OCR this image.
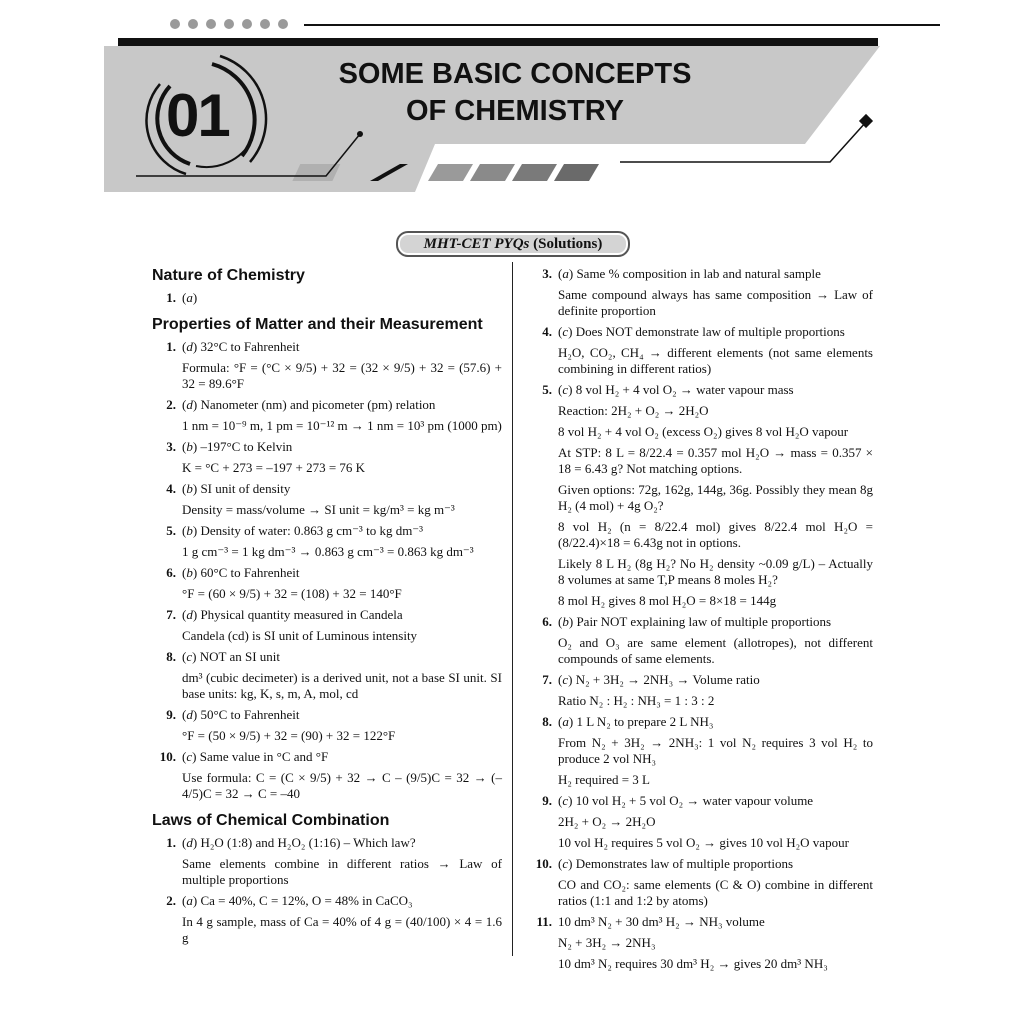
01
SOME BASIC CONCEPTS
OF CHEMISTRY
MHT-CET PYQs (Solutions)
Nature of Chemistry
1. (a)

Properties of Matter and their Measurement
1. (d) 32°C to Fahrenheit

Formula: °F = (°C × 9/5) + 32 = (32 × 9/5) + 32 = (57.6) + 32 = 89.6°F

2. (d) Nanometer (nm) and picometer (pm) relation

1 nm = 10⁻⁹ m, 1 pm = 10⁻¹² m → 1 nm = 10³ pm (1000 pm)

3. (b) –197°C to Kelvin

K = °C + 273 = –197 + 273 = 76 K

4. (b) SI unit of density

Density = mass/volume → SI unit = kg/m³ = kg m⁻³

5. (b) Density of water: 0.863 g cm⁻³ to kg dm⁻³

1 g cm⁻³ = 1 kg dm⁻³ → 0.863 g cm⁻³ = 0.863 kg dm⁻³

6. (b) 60°C to Fahrenheit

°F = (60 × 9/5) + 32 = (108) + 32 = 140°F

7. (d) Physical quantity measured in Candela

Candela (cd) is SI unit of Luminous intensity

8. (c) NOT an SI unit

dm³ (cubic decimeter) is a derived unit, not a base SI unit. SI base units: kg, K, s, m, A, mol, cd

9. (d) 50°C to Fahrenheit

°F = (50 × 9/5) + 32 = (90) + 32 = 122°F

10. (c) Same value in °C and °F

Use formula: C = (C × 9/5) + 32 → C – (9/5)C = 32 → (–4/5)C = 32 → C = –40

Laws of Chemical Combination
1. (d) H₂O (1:8) and H₂O₂ (1:16) – Which law?

Same elements combine in different ratios → Law of multiple proportions

2. (a) Ca = 40%, C = 12%, O = 48% in CaCO₃

In 4 g sample, mass of Ca = 40% of 4 g = (40/100) × 4 = 1.6 g

3. (a) Same % composition in lab and natural sample

Same compound always has same composition → Law of definite proportion

4. (c) Does NOT demonstrate law of multiple proportions

H₂O, CO₂, CH₄ → different elements (not same elements combining in different ratios)

5. (c) 8 vol H₂ + 4 vol O₂ → water vapour mass

Reaction: 2H₂ + O₂ → 2H₂O

8 vol H₂ + 4 vol O₂ (excess O₂) gives 8 vol H₂O vapour

At STP: 8 L = 8/22.4 = 0.357 mol H₂O → mass = 0.357 × 18 = 6.43 g? Not matching options.

Given options: 72g, 162g, 144g, 36g. Possibly they mean 8g H₂ (4 mol) + 4g O₂?

8 vol H₂ (n = 8/22.4 mol) gives 8/22.4 mol H₂O = (8/22.4)×18 = 6.43g not in options.

Likely 8 L H₂ (8g H₂? No H₂ density ~0.09 g/L) – Actually 8 volumes at same T,P means 8 moles H₂?

8 mol H₂ gives 8 mol H₂O = 8×18 = 144g

6. (b) Pair NOT explaining law of multiple proportions

O₂ and O₃ are same element (allotropes), not different compounds of same elements.

7. (c) N₂ + 3H₂ → 2NH₃ → Volume ratio

Ratio N₂ : H₂ : NH₃ = 1 : 3 : 2

8. (a) 1 L N₂ to prepare 2 L NH₃

From N₂ + 3H₂ → 2NH₃: 1 vol N₂ requires 3 vol H₂ to produce 2 vol NH₃

H₂ required = 3 L

9. (c) 10 vol H₂ + 5 vol O₂ → water vapour volume

2H₂ + O₂ → 2H₂O

10 vol H₂ requires 5 vol O₂ → gives 10 vol H₂O vapour

10. (c) Demonstrates law of multiple proportions

CO and CO₂: same elements (C & O) combine in different ratios (1:1 and 1:2 by atoms)

11. 10 dm³ N₂ + 30 dm³ H₂ → NH₃ volume

N₂ + 3H₂ → 2NH₃

10 dm³ N₂ requires 30 dm³ H₂ → gives 20 dm³ NH₃
